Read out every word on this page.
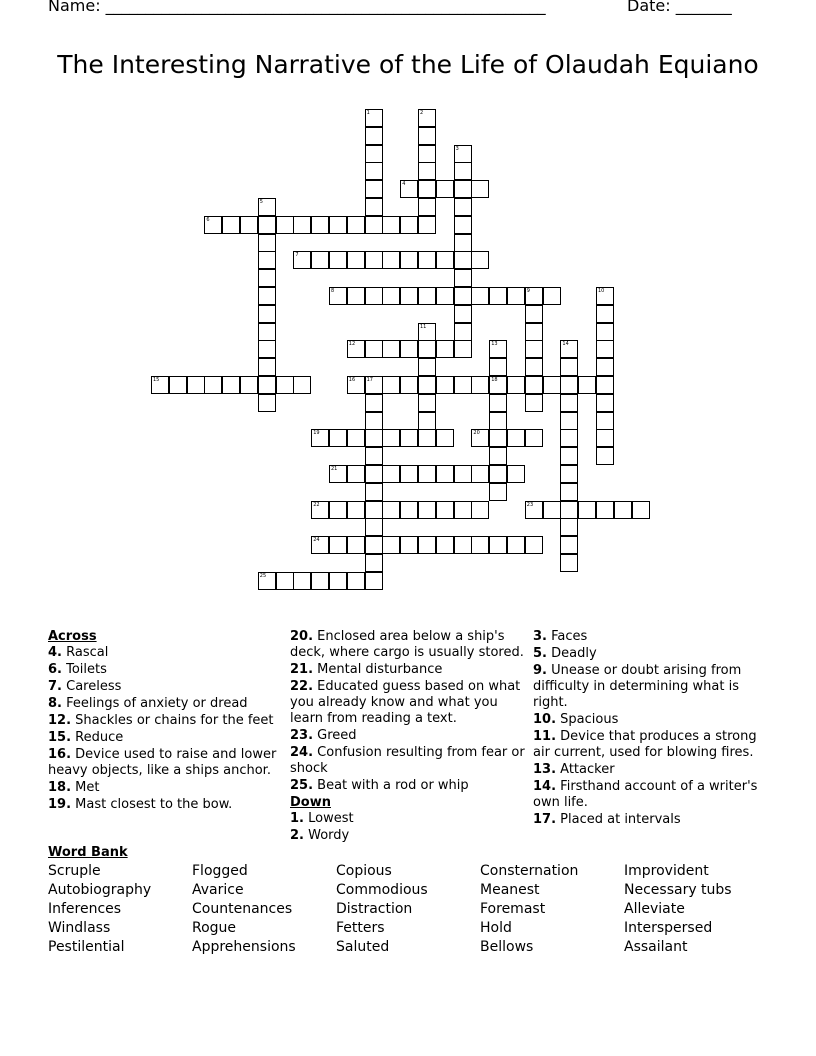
Name: _______________________________________________________	Date: _______
The Interesting Narrative of the Life of Olaudah Equiano
1	2
3
4
5
6
7
8	9	10
11
12	13
18
14
15	16 17
19	20
21
22	23
24
25
Across
4. Rascal
6. Toilets
7. Careless
8. Feelings of anxiety or dread
12. Shackles or chains for the feet
15. Reduce
16. Device used to raise and lower heavy objects, like a ships anchor.
18. Met
19. Mast closest to the bow.
20. Enclosed area below a ship's deck, where cargo is usually stored.
21. Mental disturbance
22. Educated guess based on what you already know and what you learn from reading a text.
23. Greed
24. Confusion resulting from fear or shock
25. Beat with a rod or whip
Down
1. Lowest
2. Wordy
3. Faces
5. Deadly
9. Unease or doubt arising from difficulty in determining what is right.
10. Spacious
11. Device that produces a strong air current, used for blowing fires.
13. Attacker
14. Firsthand account of a writer's own life.
17. Placed at intervals
Word Bank
Scruple
Autobiography
Inferences
Windlass
Pestilential
Flogged
Avarice
Countenances
Rogue
Apprehensions
Copious
Commodious
Distraction
Fetters
Saluted
Consternation
Meanest
Foremast
Hold
Bellows
Improvident
Necessary tubs
Alleviate
Interspersed
Assailant
